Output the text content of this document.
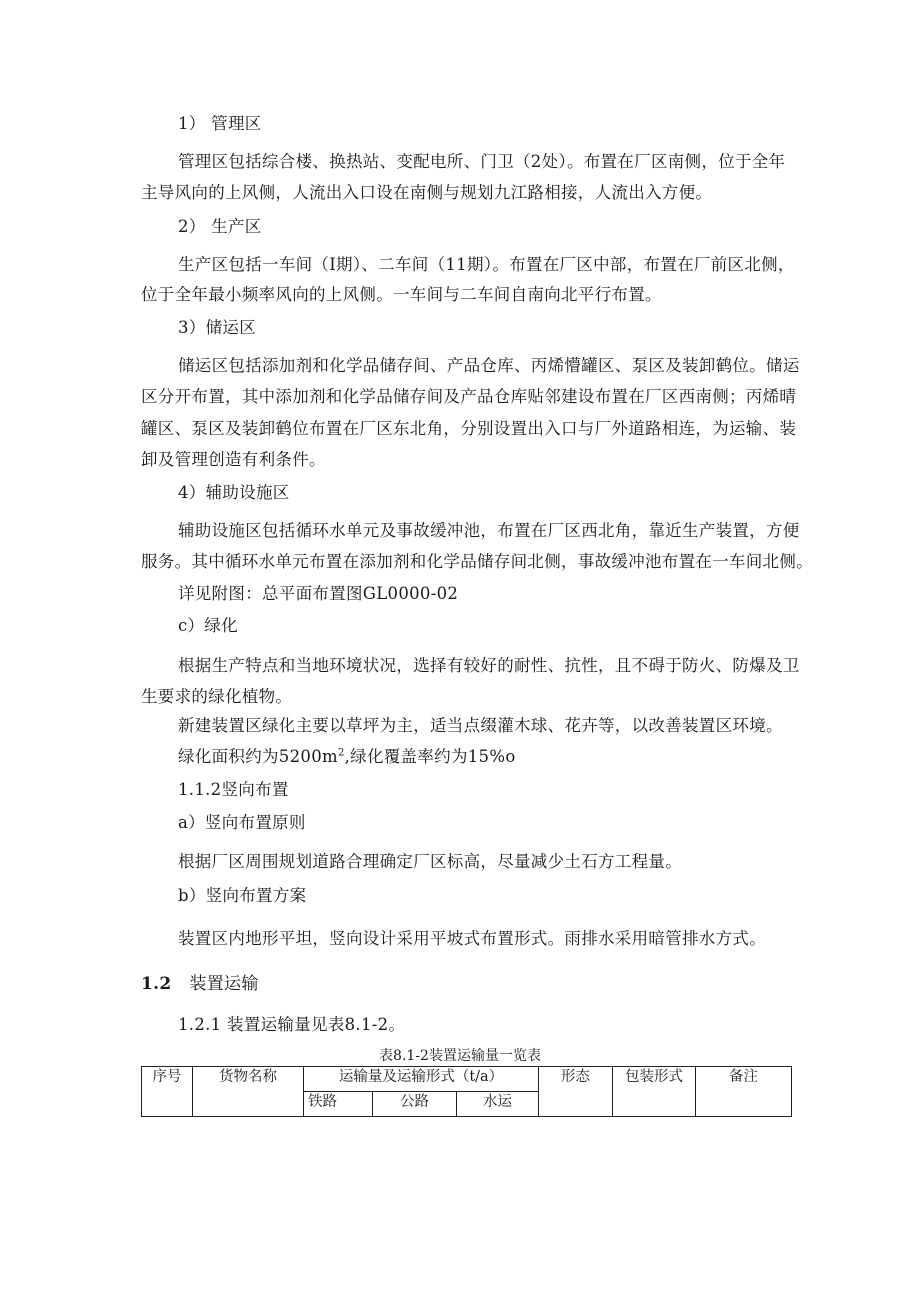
1） 管理区
管理区包括综合楼、换热站、变配电所、门卫（2处）。布置在厂区南侧，位于全年
主导风向的上风侧，人流出入口设在南侧与规划九江路相接，人流出入方便。
2） 生产区
生产区包括一车间（I期）、二车间（11期）。布置在厂区中部，布置在厂前区北侧，
位于全年最小频率风向的上风侧。一车间与二车间自南向北平行布置。
3）储运区
储运区包括添加剂和化学品储存间、产品仓库、丙烯懵罐区、泵区及装卸鹤位。储运
区分开布置，其中添加剂和化学品储存间及产品仓库贴邻建设布置在厂区西南侧；丙烯晴
罐区、泵区及装卸鹤位布置在厂区东北角，分别设置出入口与厂外道路相连，为运输、装
卸及管理创造有利条件。
4）辅助设施区
辅助设施区包括循环水单元及事故缓冲池，布置在厂区西北角，靠近生产装置，方便
服务。其中循环水单元布置在添加剂和化学品储存间北侧，事故缓冲池布置在一车间北侧。
详见附图：总平面布置图GL0000-02
c）绿化
根据生产特点和当地环境状况，选择有较好的耐性、抗性，且不碍于防火、防爆及卫
生要求的绿化植物。
新建装置区绿化主要以草坪为主，适当点缀灌木球、花卉等，以改善装置区环境。
绿化面积约为$5200m^2$,绿化覆盖率约为15%o
1.1.2竖向布置
a）竖向布置原则
根据厂区周围规划道路合理确定厂区标高，尽量减少土石方工程量。
b）竖向布置方案
装置区内地形平坦，竖向设计采用平坡式布置形式。雨排水采用暗管排水方式。
1.2 装置运输
1.2.1 装置运输量见表8.1-2。
表8.1-2装置运输量一览表
序号	货物名称	运输量及运输形式（t/a）			形态	包装形式	备注
		铁路	公路	水运			
